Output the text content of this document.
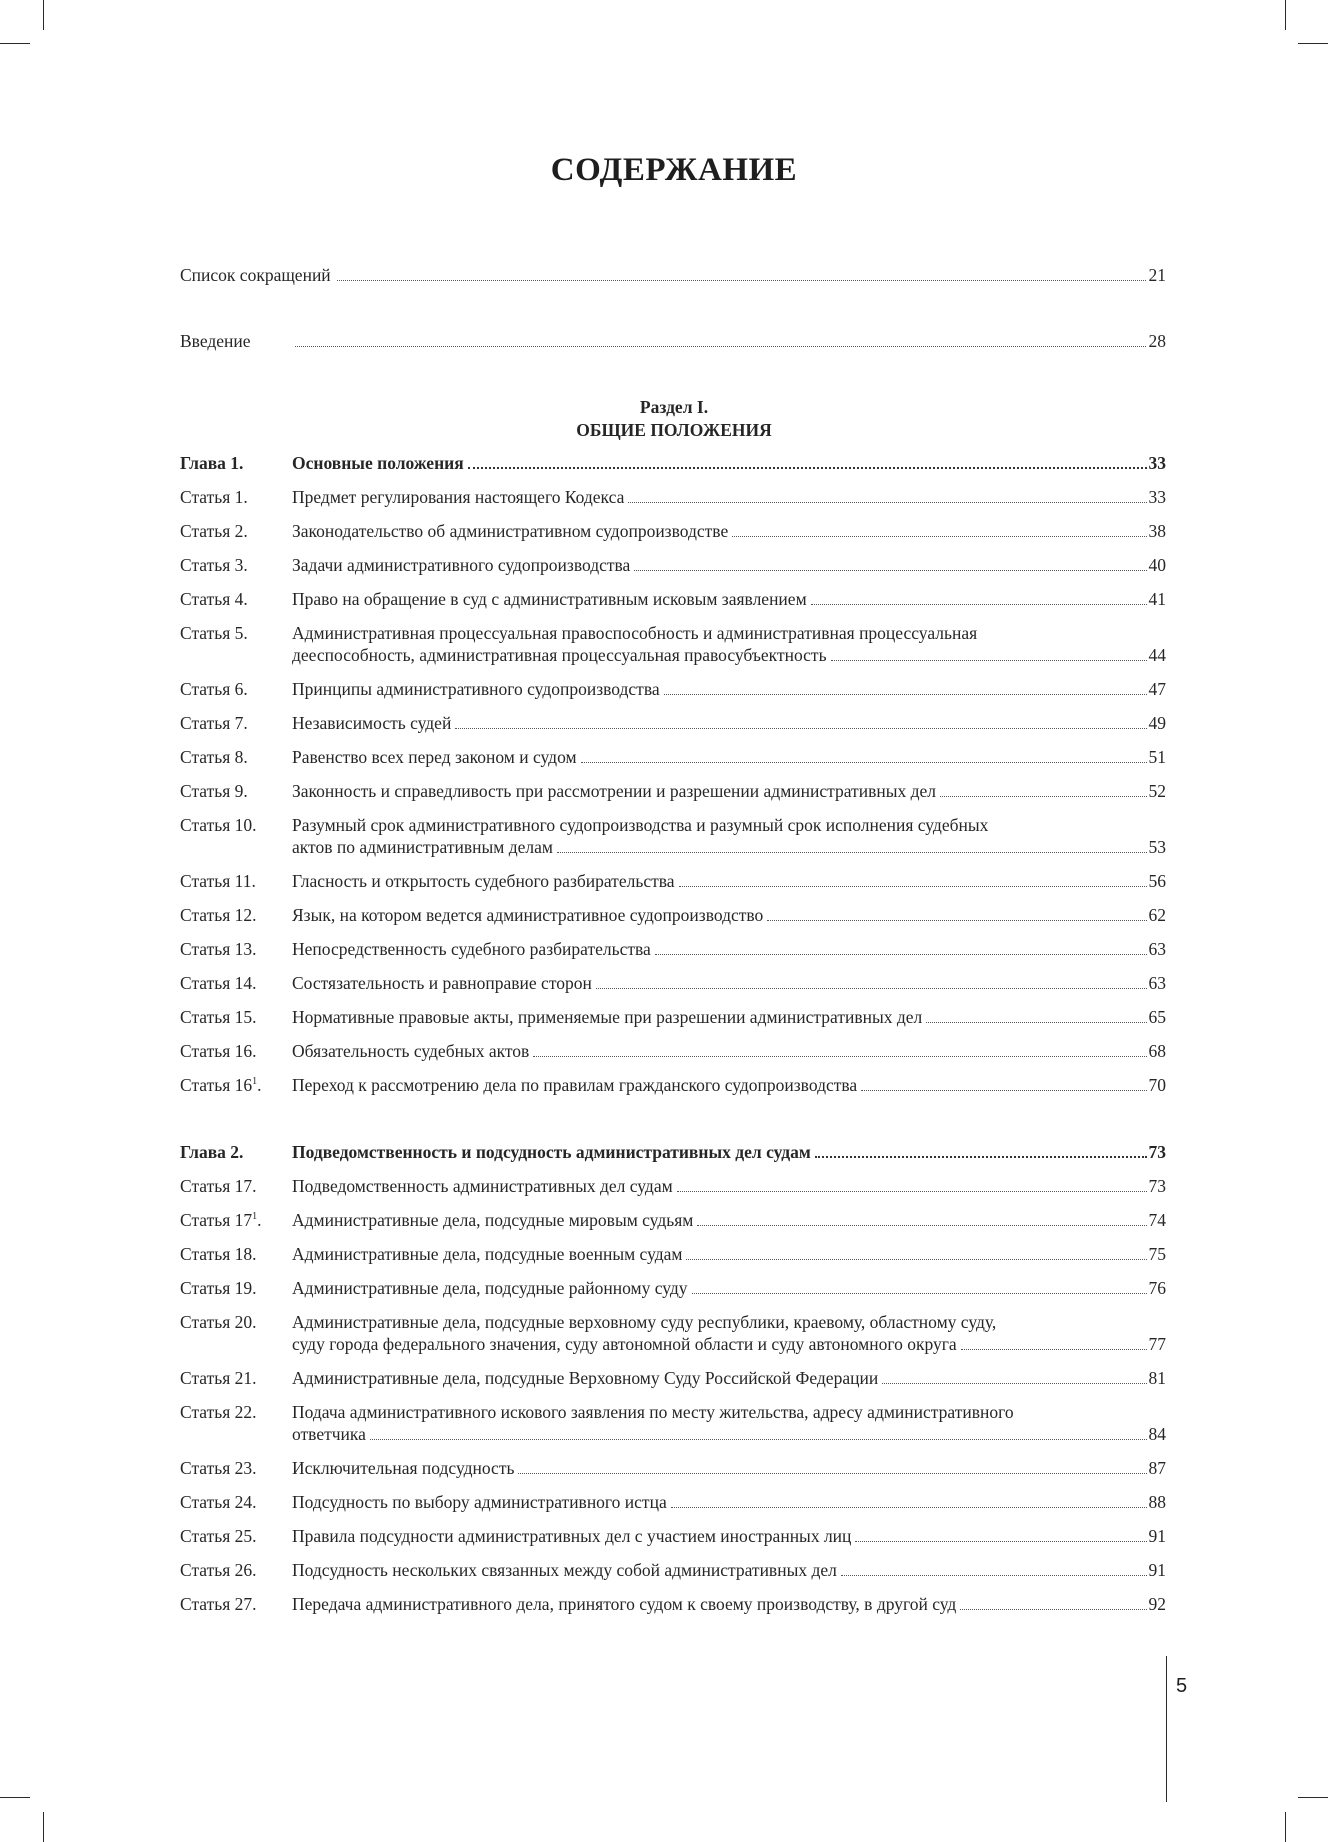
СОДЕРЖАНИЕ
Список сокращений	21
Введение	28
Раздел I.
ОБЩИЕ ПОЛОЖЕНИЯ
Глава 1.	Основные положения	33
Статья 1.	Предмет регулирования настоящего Кодекса	33
Статья 2.	Законодательство об административном судопроизводстве	38
Статья 3.	Задачи административного судопроизводства	40
Статья 4.	Право на обращение в суд с административным исковым заявлением	41
Статья 5.	Административная процессуальная правоспособность и административная процессуальная
дееспособность, административная процессуальная правосубъектность	44
Статья 6.	Принципы административного судопроизводства	47
Статья 7.	Независимость судей	49
Статья 8.	Равенство всех перед законом и судом	51
Статья 9.	Законность и справедливость при рассмотрении и разрешении административных дел	52
Статья 10.	Разумный срок административного судопроизводства и разумный срок исполнения судебных
актов по административным делам	53
Статья 11.	Гласность и открытость судебного разбирательства	56
Статья 12.	Язык, на котором ведется административное судопроизводство	62
Статья 13.	Непосредственность судебного разбирательства	63
Статья 14.	Состязательность и равноправие сторон	63
Статья 15.	Нормативные правовые акты, применяемые при разрешении административных дел	65
Статья 16.	Обязательность судебных актов	68
Статья $16^1$.	Переход к рассмотрению дела по правилам гражданского судопроизводства	70
Глава 2.	Подведомственность и подсудность административных дел судам	73
Статья 17.	Подведомственность административных дел судам	73
Статья $17^1$.	Административные дела, подсудные мировым судьям	74
Статья 18.	Административные дела, подсудные военным судам	75
Статья 19.	Административные дела, подсудные районному суду	76
Статья 20.	Административные дела, подсудные верховному суду республики, краевому, областному суду,
суду города федерального значения, суду автономной области и суду автономного округа	77
Статья 21.	Административные дела, подсудные Верховному Суду Российской Федерации	81
Статья 22.	Подача административного искового заявления по месту жительства, адресу административного
ответчика	84
Статья 23.	Исключительная подсудность	87
Статья 24.	Подсудность по выбору административного истца	88
Статья 25.	Правила подсудности административных дел с участием иностранных лиц	91
Статья 26.	Подсудность нескольких связанных между собой административных дел	91
Статья 27.	Передача административного дела, принятого судом к своему производству, в другой суд	92
5
